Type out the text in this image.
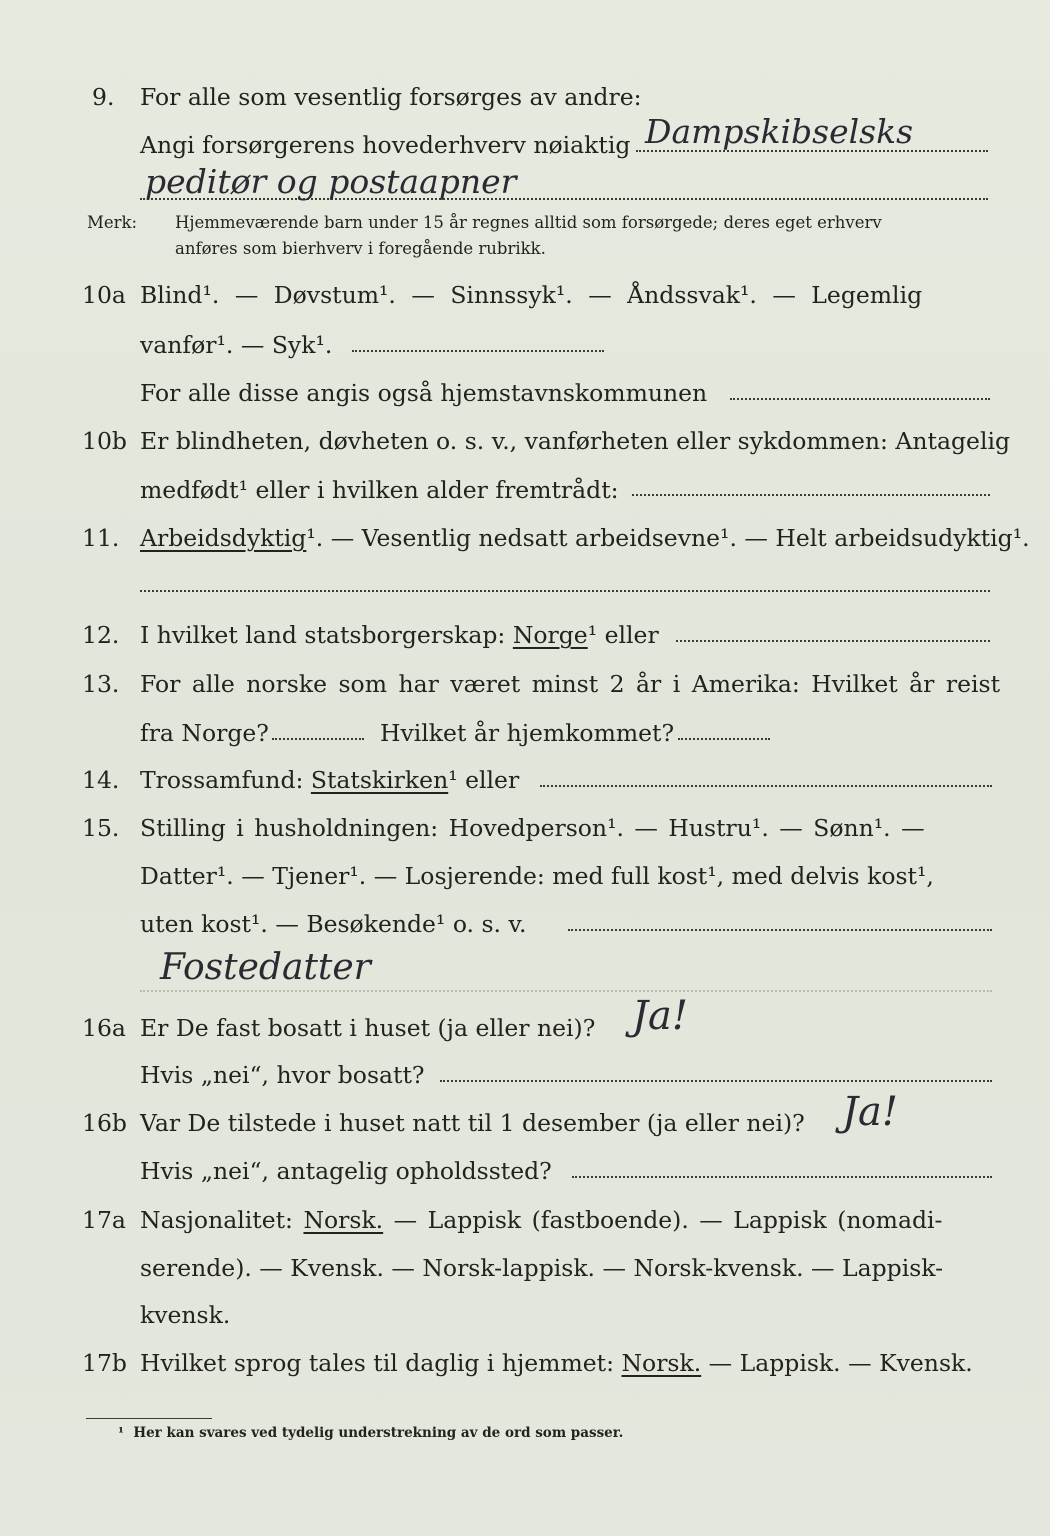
9. For alle som vesentlig forsørges av andre:
Angi forsørgerens hovederhverv nøiaktig Dampskibselsks
peditør og postaapner
Merk: Hjemmeværende barn under 15 år regnes alltid som forsørgede; deres eget erhverv
anføres som bierhverv i foregående rubrikk.
10a Blind¹. — Døvstum¹. — Sinnssyk¹. — Åndssvak¹. — Legemlig
vanfør¹. — Syk¹.
For alle disse angis også hjemstavnskommunen
10b Er blindheten, døvheten o. s. v., vanførheten eller sykdommen: Antagelig
medfødt¹ eller i hvilken alder fremtrådt:
11. Arbeidsdyktig¹. — Vesentlig nedsatt arbeidsevne¹. — Helt arbeidsudyktig¹.
12. I hvilket land statsborgerskap: Norge¹ eller
13. For alle norske som har været minst 2 år i Amerika: Hvilket år reist
fra Norge?	Hvilket år hjemkommet?
14. Trossamfund: Statskirken¹ eller
15. Stilling i husholdningen: Hovedperson¹. — Hustru¹. — Sønn¹. —
Datter¹. — Tjener¹. — Losjerende: med full kost¹, med delvis kost¹,
uten kost¹. — Besøkende¹ o. s. v.
Fostedatter
16a Er De fast bosatt i huset (ja eller nei)? Ja!
Hvis „nei“, hvor bosatt?
16b Var De tilstede i huset natt til 1 desember (ja eller nei)? Ja!
Hvis „nei“, antagelig opholdssted?
17a Nasjonalitet: Norsk. — Lappisk (fastboende). — Lappisk (nomadi-
serende). — Kvensk. — Norsk-lappisk. — Norsk-kvensk. — Lappisk-
kvensk.
17b Hvilket sprog tales til daglig i hjemmet: Norsk. — Lappisk. — Kvensk.
¹ Her kan svares ved tydelig understrekning av de ord som passer.
